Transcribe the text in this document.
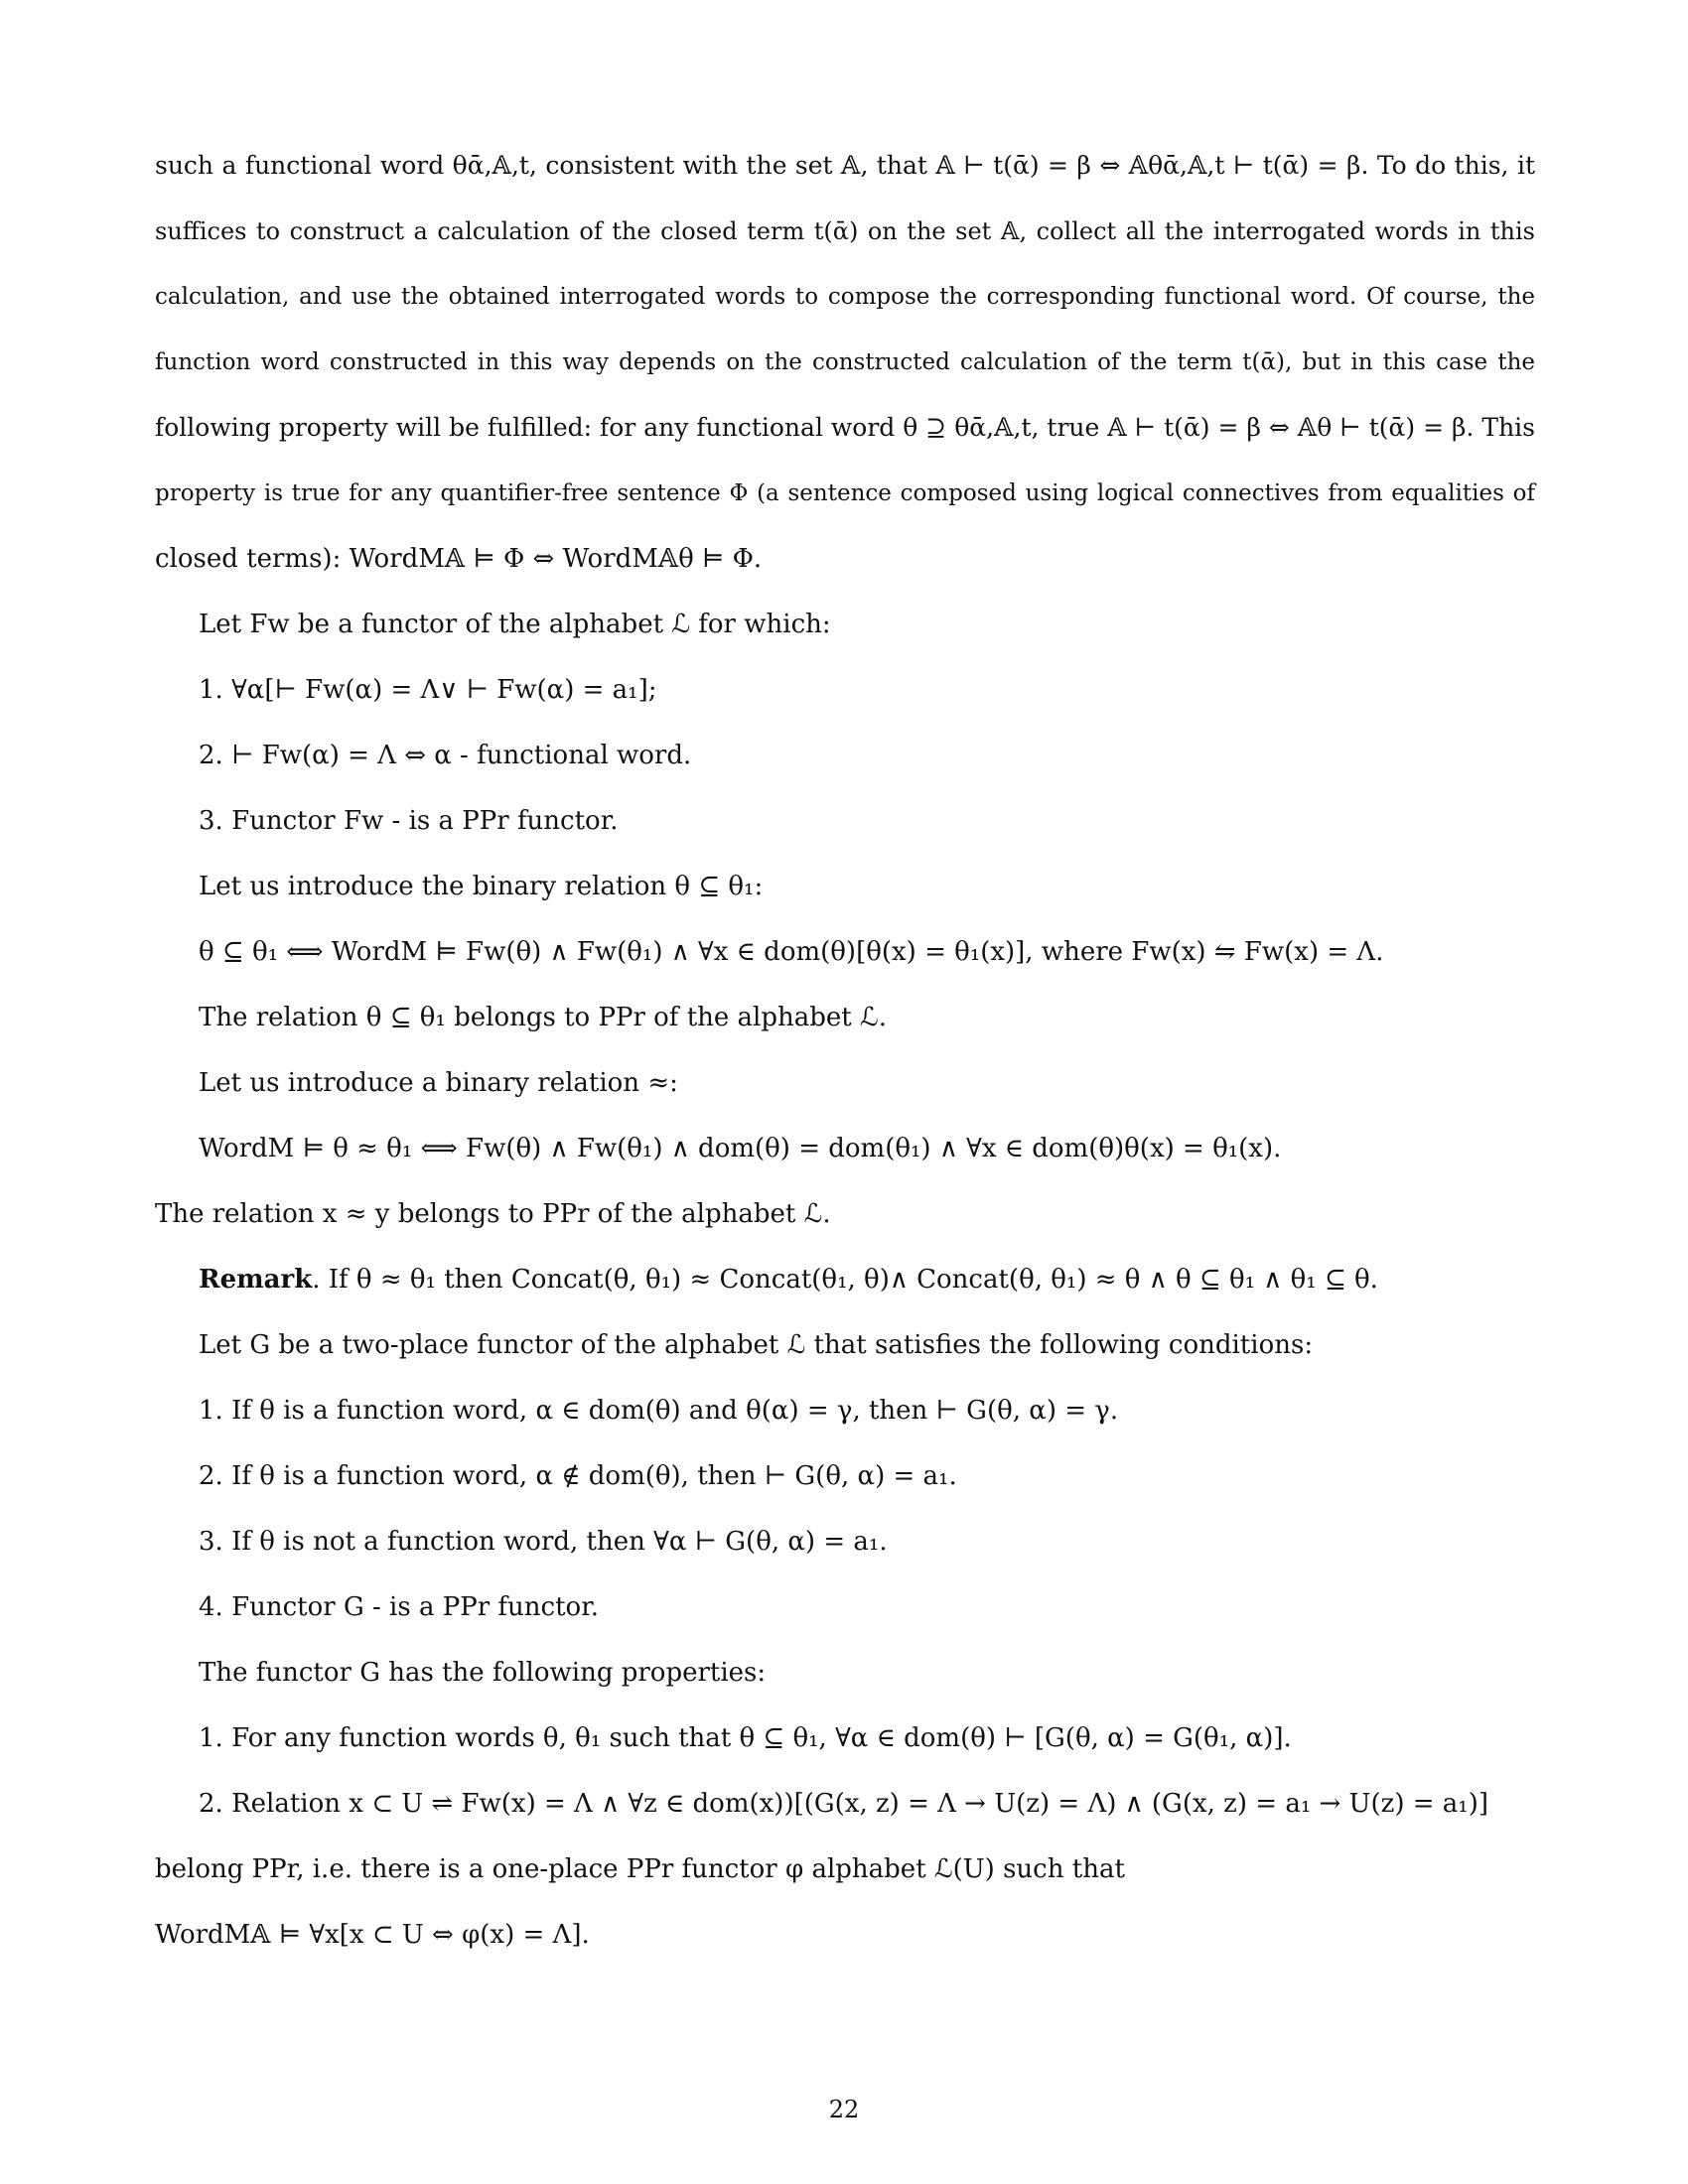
such a functional word θᾱ,𝔸,t, consistent with the set 𝔸, that 𝔸 ⊢ t(ᾱ) = β ⇔ 𝔸θᾱ,𝔸,t ⊢ t(ᾱ) = β. To do this, it
suffices to construct a calculation of the closed term t(ᾱ) on the set 𝔸, collect all the interrogated words in this
calculation, and use the obtained interrogated words to compose the corresponding functional word. Of course, the
function word constructed in this way depends on the constructed calculation of the term t(ᾱ), but in this case the
following property will be fulfilled: for any functional word θ ⊇ θᾱ,𝔸,t, true 𝔸 ⊢ t(ᾱ) = β ⇔ 𝔸θ ⊢ t(ᾱ) = β. This
property is true for any quantifier-free sentence Φ (a sentence composed using logical connectives from equalities of
closed terms): WordM𝔸 ⊨ Φ ⇔ WordM𝔸θ ⊨ Φ.
Let Fw be a functor of the alphabet ℒ for which:
1. ∀α[⊢ Fw(α) = Λ∨ ⊢ Fw(α) = a₁];
2. ⊢ Fw(α) = Λ ⇔ α - functional word.
3. Functor Fw - is a PPr functor.
Let us introduce the binary relation θ ⊆ θ₁:
θ ⊆ θ₁ ⟺ WordM ⊨ Fw(θ) ∧ Fw(θ₁) ∧ ∀x ∈ dom(θ)[θ(x) = θ₁(x)], where Fw(x) ⇋ Fw(x) = Λ.
The relation θ ⊆ θ₁ belongs to PPr of the alphabet ℒ.
Let us introduce a binary relation ≈:
WordM ⊨ θ ≈ θ₁ ⟺ Fw(θ) ∧ Fw(θ₁) ∧ dom(θ) = dom(θ₁) ∧ ∀x ∈ dom(θ)θ(x) = θ₁(x).
The relation x ≈ y belongs to PPr of the alphabet ℒ.
Remark. If θ ≈ θ₁ then Concat(θ, θ₁) ≈ Concat(θ₁, θ)∧ Concat(θ, θ₁) ≈ θ ∧ θ ⊆ θ₁ ∧ θ₁ ⊆ θ.
Let G be a two-place functor of the alphabet ℒ that satisfies the following conditions:
1. If θ is a function word, α ∈ dom(θ) and θ(α) = γ, then ⊢ G(θ, α) = γ.
2. If θ is a function word, α ∉ dom(θ), then ⊢ G(θ, α) = a₁.
3. If θ is not a function word, then ∀α ⊢ G(θ, α) = a₁.
4. Functor G - is a PPr functor.
The functor G has the following properties:
1. For any function words θ, θ₁ such that θ ⊆ θ₁, ∀α ∈ dom(θ) ⊢ [G(θ, α) = G(θ₁, α)].
2. Relation x ⊂ U ⇌ Fw(x) = Λ ∧ ∀z ∈ dom(x))[(G(x, z) = Λ → U(z) = Λ) ∧ (G(x, z) = a₁ → U(z) = a₁)]
belong PPr, i.e. there is a one-place PPr functor φ alphabet ℒ(U) such that
WordM𝔸 ⊨ ∀x[x ⊂ U ⇔ φ(x) = Λ].
22
